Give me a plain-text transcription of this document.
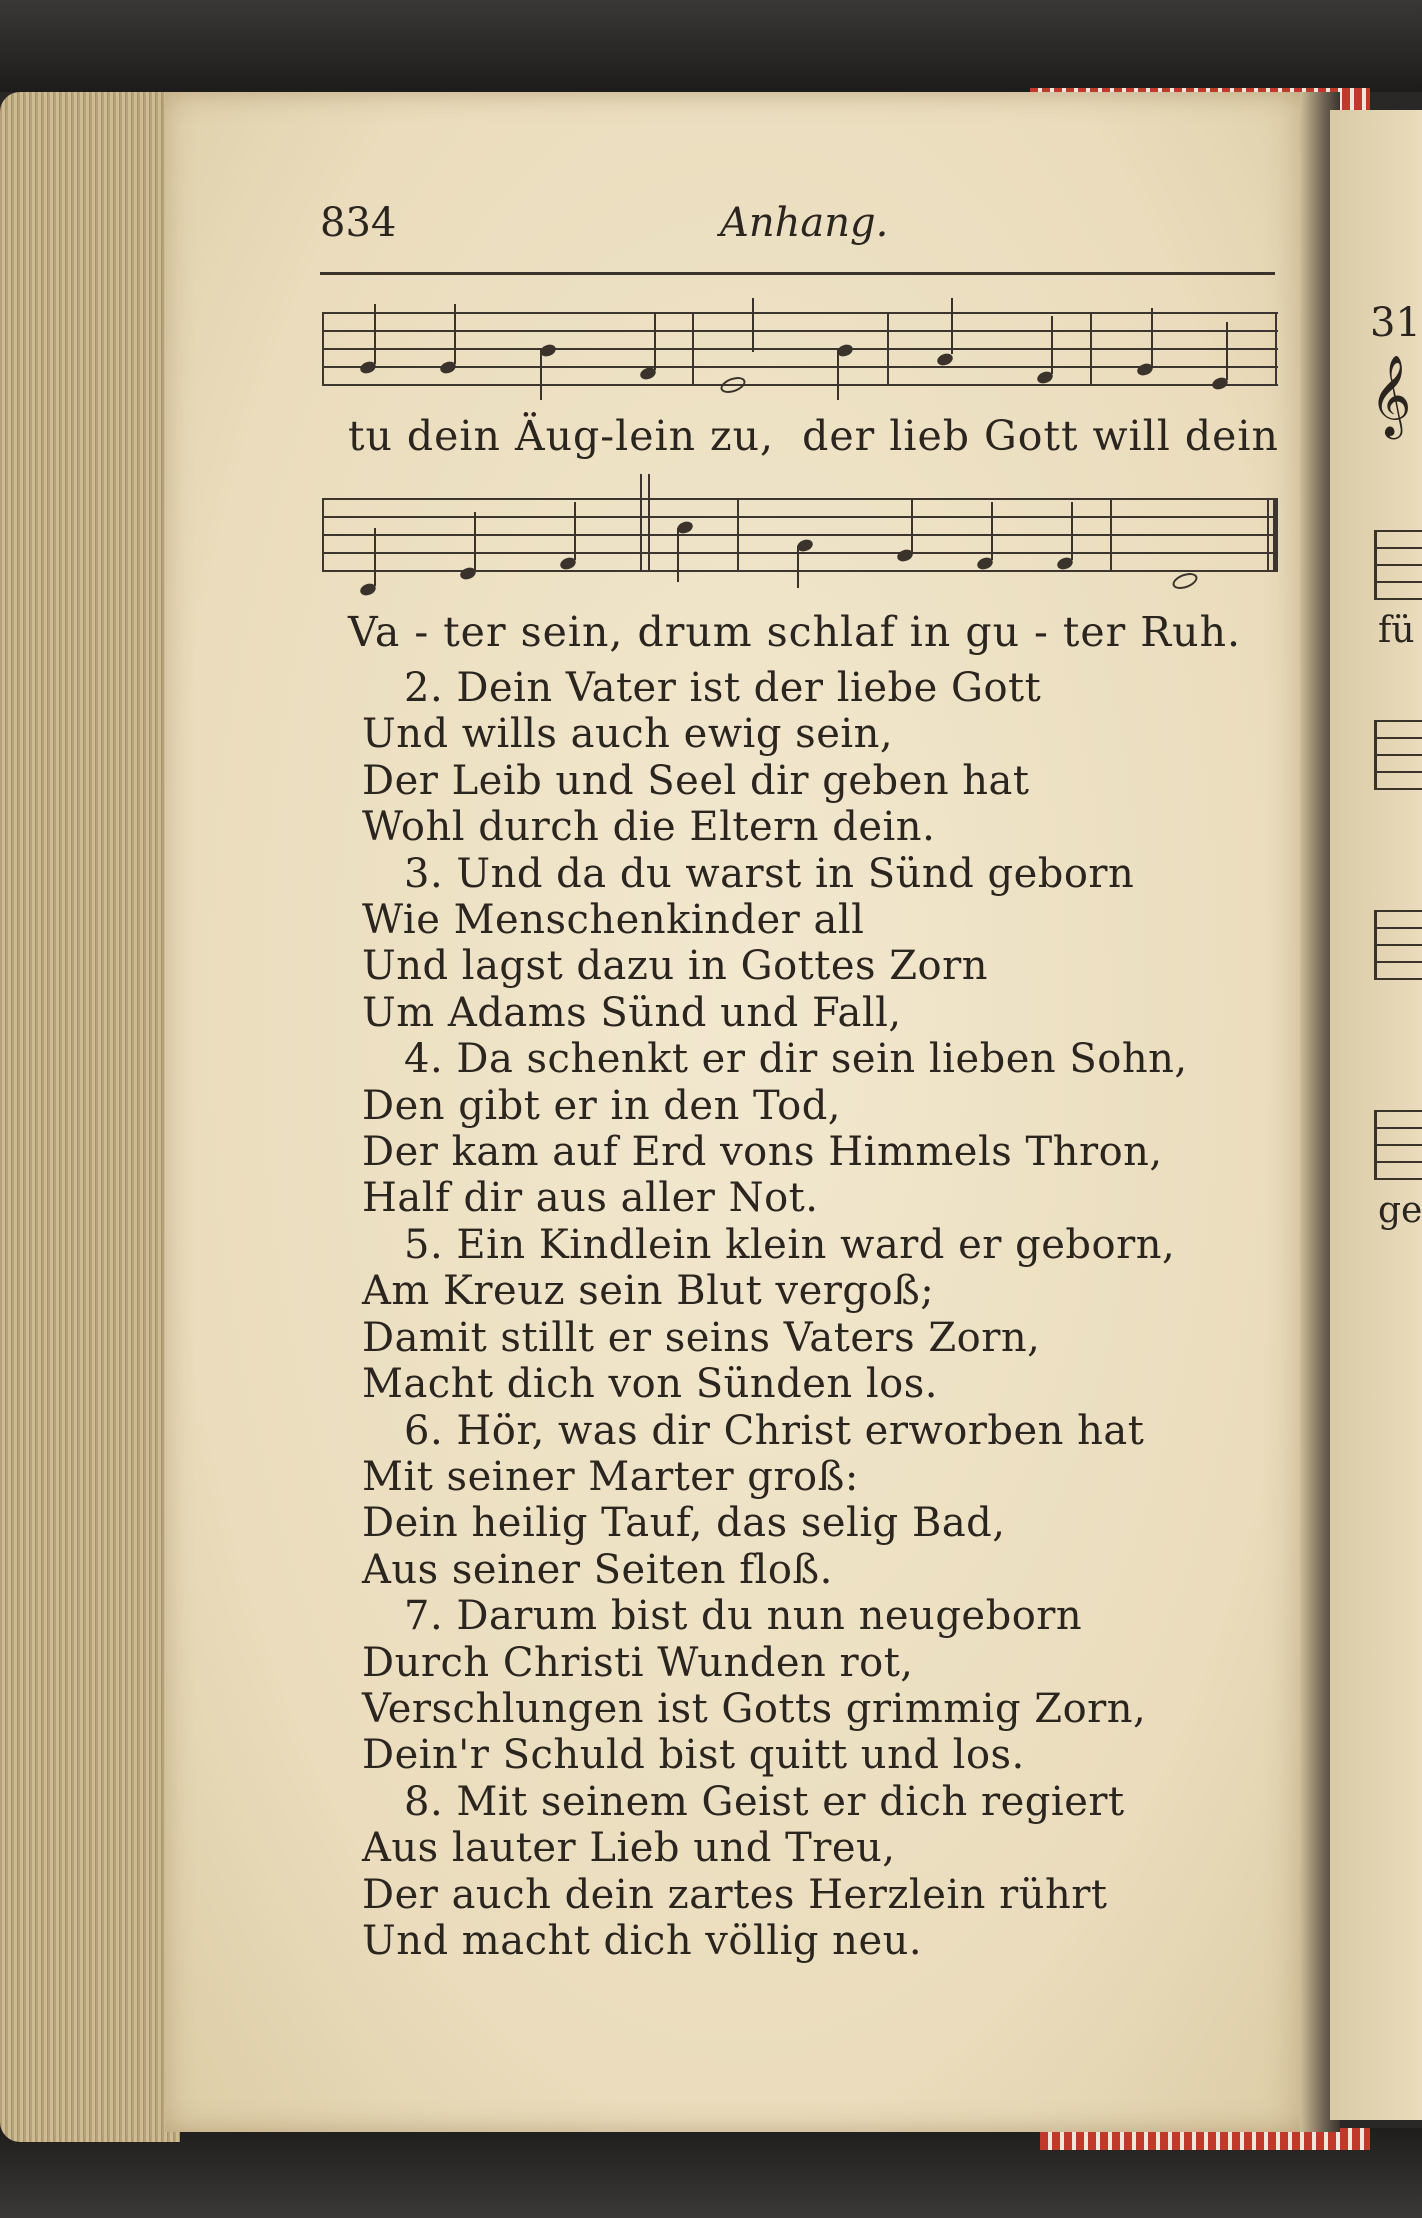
31
𝄞
fü
ge
834	Anhang.
tu dein Äug-lein zu,  der lieb Gott will dein
Va - ter sein, drum schlaf in gu - ter Ruh.
2. Dein Vater ist der liebe Gott
Und wills auch ewig sein,
Der Leib und Seel dir geben hat
Wohl durch die Eltern dein.
3. Und da du warst in Sünd geborn
Wie Menschenkinder all
Und lagst dazu in Gottes Zorn
Um Adams Sünd und Fall,
4. Da schenkt er dir sein lieben Sohn,
Den gibt er in den Tod,
Der kam auf Erd vons Himmels Thron,
Half dir aus aller Not.
5. Ein Kindlein klein ward er geborn,
Am Kreuz sein Blut vergoß;
Damit stillt er seins Vaters Zorn,
Macht dich von Sünden los.
6. Hör, was dir Christ erworben hat
Mit seiner Marter groß:
Dein heilig Tauf, das selig Bad,
Aus seiner Seiten floß.
7. Darum bist du nun neugeborn
Durch Christi Wunden rot,
Verschlungen ist Gotts grimmig Zorn,
Dein'r Schuld bist quitt und los.
8. Mit seinem Geist er dich regiert
Aus lauter Lieb und Treu,
Der auch dein zartes Herzlein rührt
Und macht dich völlig neu.
